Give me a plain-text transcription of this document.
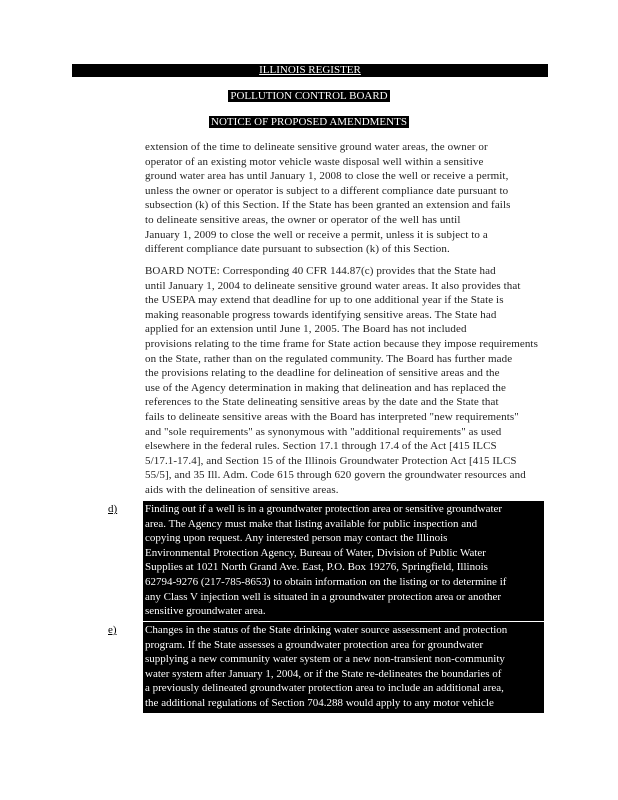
ILLINOIS REGISTER
POLLUTION CONTROL BOARD
NOTICE OF PROPOSED AMENDMENTS
extension of the time to delineate sensitive ground water areas, the owner or
operator of an existing motor vehicle waste disposal well within a sensitive
ground water area has until January 1, 2008 to close the well or receive a permit,
unless the owner or operator is subject to a different compliance date pursuant to
subsection (k) of this Section. If the State has been granted an extension and fails
to delineate sensitive areas, the owner or operator of the well has until
January 1, 2009 to close the well or receive a permit, unless it is subject to a
different compliance date pursuant to subsection (k) of this Section.
BOARD NOTE: Corresponding 40 CFR 144.87(c) provides that the State had
until January 1, 2004 to delineate sensitive ground water areas. It also provides that
the USEPA may extend that deadline for up to one additional year if the State is
making reasonable progress towards identifying sensitive areas. The State had
applied for an extension until June 1, 2005. The Board has not included
provisions relating to the time frame for State action because they impose requirements
on the State, rather than on the regulated community. The Board has further made
the provisions relating to the deadline for delineation of sensitive areas and the
use of the Agency determination in making that delineation and has replaced the
references to the State delineating sensitive areas by the date and the State that
fails to delineate sensitive areas with the Board has interpreted "new requirements"
and "sole requirements" as synonymous with "additional requirements" as used
elsewhere in the federal rules. Section 17.1 through 17.4 of the Act [415 ILCS
5/17.1-17.4], and Section 15 of the Illinois Groundwater Protection Act [415 ILCS
55/5], and 35 Ill. Adm. Code 615 through 620 govern the groundwater resources and
aids with the delineation of sensitive areas.
d)	Finding out if a well is in a groundwater protection area or sensitive groundwater
area. The Agency must make that listing available for public inspection and
copying upon request. Any interested person may contact the Illinois
Environmental Protection Agency, Bureau of Water, Division of Public Water
Supplies at 1021 North Grand Ave. East, P.O. Box 19276, Springfield, Illinois
62794-9276 (217-785-8653) to obtain information on the listing or to determine if
any Class V injection well is situated in a groundwater protection area or another
sensitive groundwater area.
e)	Changes in the status of the State drinking water source assessment and protection
program. If the State assesses a groundwater protection area for groundwater
supplying a new community water system or a new non-transient non-community
water system after January 1, 2004, or if the State re-delineates the boundaries of
a previously delineated groundwater protection area to include an additional area,
the additional regulations of Section 704.288 would apply to any motor vehicle
